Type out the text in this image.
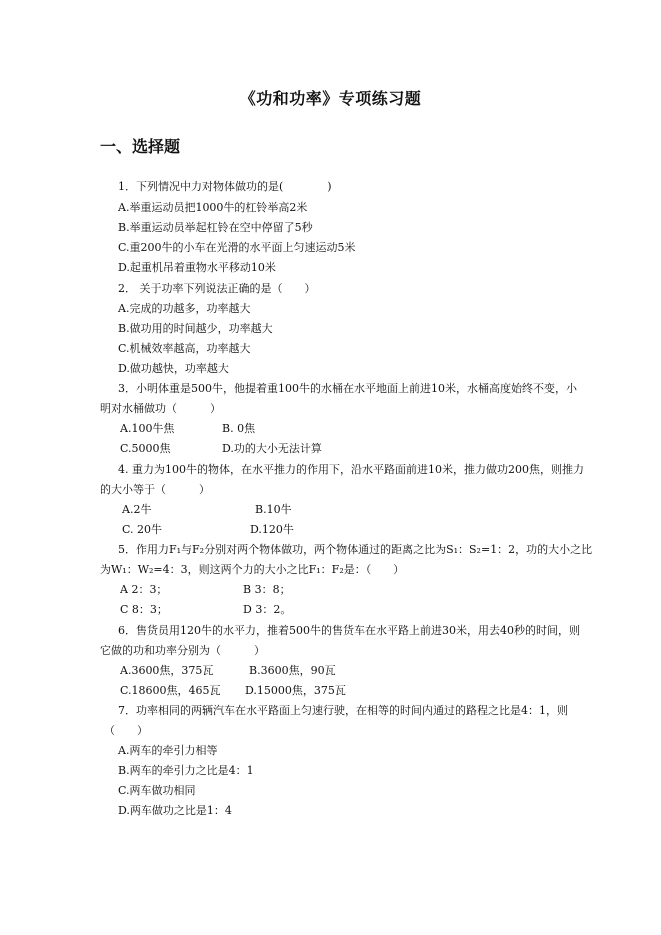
《功和功率》专项练习题
一、选择题
1．下列情况中力对物体做功的是(　　　　)
A.举重运动员把1000牛的杠铃举高2米
B.举重运动员举起杠铃在空中停留了5秒
C.重200牛的小车在光滑的水平面上匀速运动5米
D.起重机吊着重物水平移动10米
2． 关于功率下列说法正确的是（　　）
A.完成的功越多，功率越大
B.做功用的时间越少，功率越大
C.机械效率越高，功率越大
D.做功越快，功率越大
3．小明体重是500牛，他提着重100牛的水桶在水平地面上前进10米，水桶高度始终不变，小
明对水桶做功（　　　）
A.100牛焦	B. 0焦
C.5000焦	D.功的大小无法计算
4. 重力为100牛的物体，在水平推力的作用下，沿水平路面前进10米，推力做功200焦，则推力
的大小等于（　　　）
A.2牛	B.10牛
C. 20牛	D.120牛
5．作用力F₁与F₂分别对两个物体做功，两个物体通过的距离之比为S₁：S₂=1：2，功的大小之比
为W₁：W₂=4：3，则这两个力的大小之比F₁：F₂是：（　　）
A 2：3；	B 3：8；
C 8：3；	D 3：2。
6．售货员用120牛的水平力，推着500牛的售货车在水平路上前进30米，用去40秒的时间，则
它做的功和功率分别为（　　　）
A.3600焦，375瓦	B.3600焦，90瓦
C.18600焦，465瓦 D.15000焦，375瓦
7．功率相同的两辆汽车在水平路面上匀速行驶，在相等的时间内通过的路程之比是4：1，则
（　　）
A.两车的牵引力相等
B.两车的牵引力之比是4：1
C.两车做功相同
D.两车做功之比是1：4
